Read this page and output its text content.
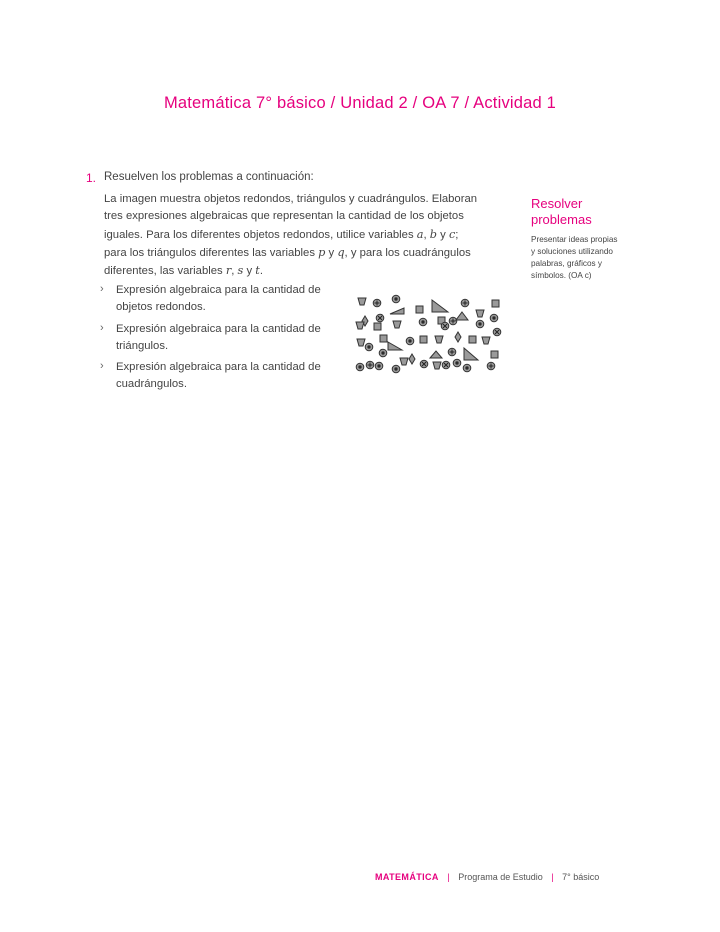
Matemática 7° básico / Unidad 2 / OA 7 / Actividad 1
1. Resuelven los problemas a continuación:
La imagen muestra objetos redondos, triángulos y cuadrángulos. Elaboran
tres expresiones algebraicas que representan la cantidad de los objetos
iguales. Para los diferentes objetos redondos, utilice variables a, b y c;
para los triángulos diferentes las variables p y q, y para los cuadrángulos
diferentes, las variables r, s y t.
› Expresión algebraica para la cantidad de
objetos redondos.
› Expresión algebraica para la cantidad de
triángulos.
› Expresión algebraica para la cantidad de
cuadrángulos.
Resolver
problemas
Presentar ideas propias
y soluciones utilizando
palabras, gráficos y
símbolos. (OA c)
MATEMÁTICA | Programa de Estudio | 7° básico
